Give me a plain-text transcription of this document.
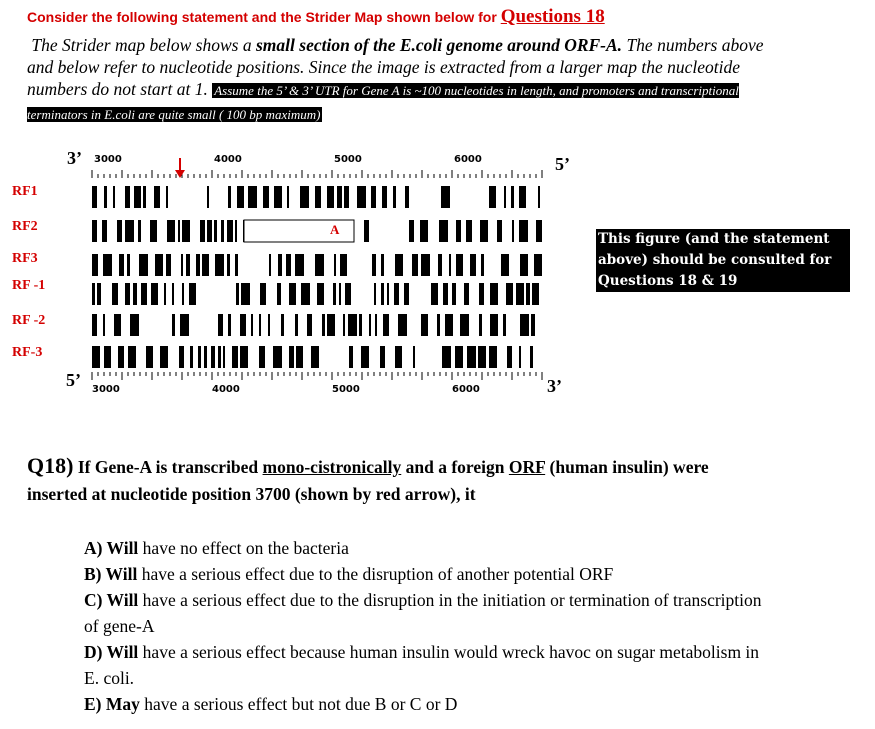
Consider the following statement and the Strider Map shown below for Questions 18
The Strider map below shows a small section of the E.coli genome around ORF-A. The numbers above and below refer to nucleotide positions. Since the image is extracted from a larger map the nucleotide numbers do not start at 1. Assume the 5’ & 3’ UTR for Gene A is ~100 nucleotides in length, and promoters and transcriptional terminators in E.coli are quite small ( 100 bp maximum)
RF1
RF2
RF3
RF -1
RF -2
RF-3
3’	5’
5’	3’
3000	4000	5000	6000
3000	4000	5000	6000
A
This figure (and the statement above) should be consulted for Questions 18 & 19
Q18) If Gene-A is transcribed mono-cistronically and a foreign ORF (human insulin) were inserted at nucleotide position 3700 (shown by red arrow), it
A) Will have no effect on the bacteria
B) Will have a serious effect due to the disruption of another potential ORF
C) Will have a serious effect due to the disruption in the initiation or termination of transcription of gene-A
D) Will have a serious effect because human insulin would wreck havoc on sugar metabolism in E. coli.
E) May have a serious effect but not due B or C or D
